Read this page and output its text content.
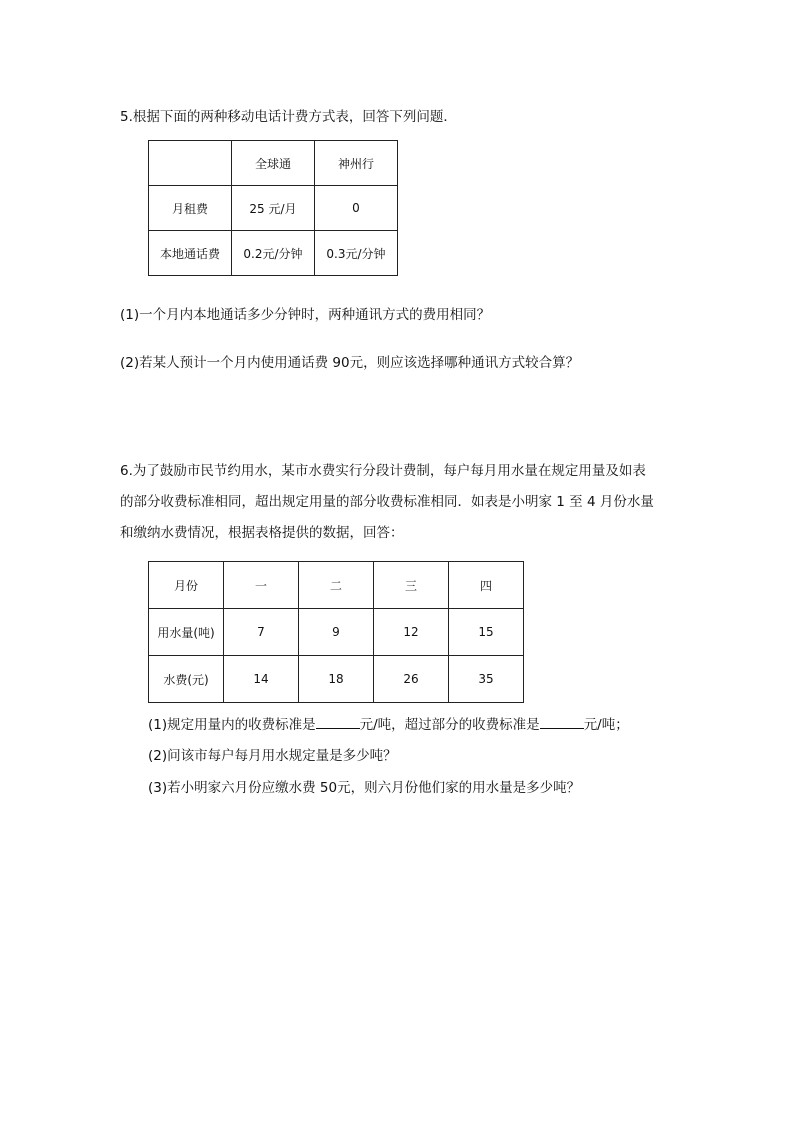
5.根据下面的两种移动电话计费方式表，回答下列问题．
	全球通	神州行
月租费	25 元/月	0
本地通话费	0.2元/分钟	0.3元/分钟
(1)一个月内本地通话多少分钟时，两种通讯方式的费用相同？
(2)若某人预计一个月内使用通话费 90元，则应该选择哪种通讯方式较合算？
6.为了鼓励市民节约用水，某市水费实行分段计费制，每户每月用水量在规定用量及如表
的部分收费标准相同，超出规定用量的部分收费标准相同．如表是小明家 1 至 4 月份水量
和缴纳水费情况，根据表格提供的数据，回答：
月份	一	二	三	四
用水量(吨)	7	9	12	15
水费(元)	14	18	26	35
(1)规定用量内的收费标准是	元/吨，超过部分的收费标准是	元/吨；
(2)问该市每户每月用水规定量是多少吨？
(3)若小明家六月份应缴水费 50元，则六月份他们家的用水量是多少吨？
